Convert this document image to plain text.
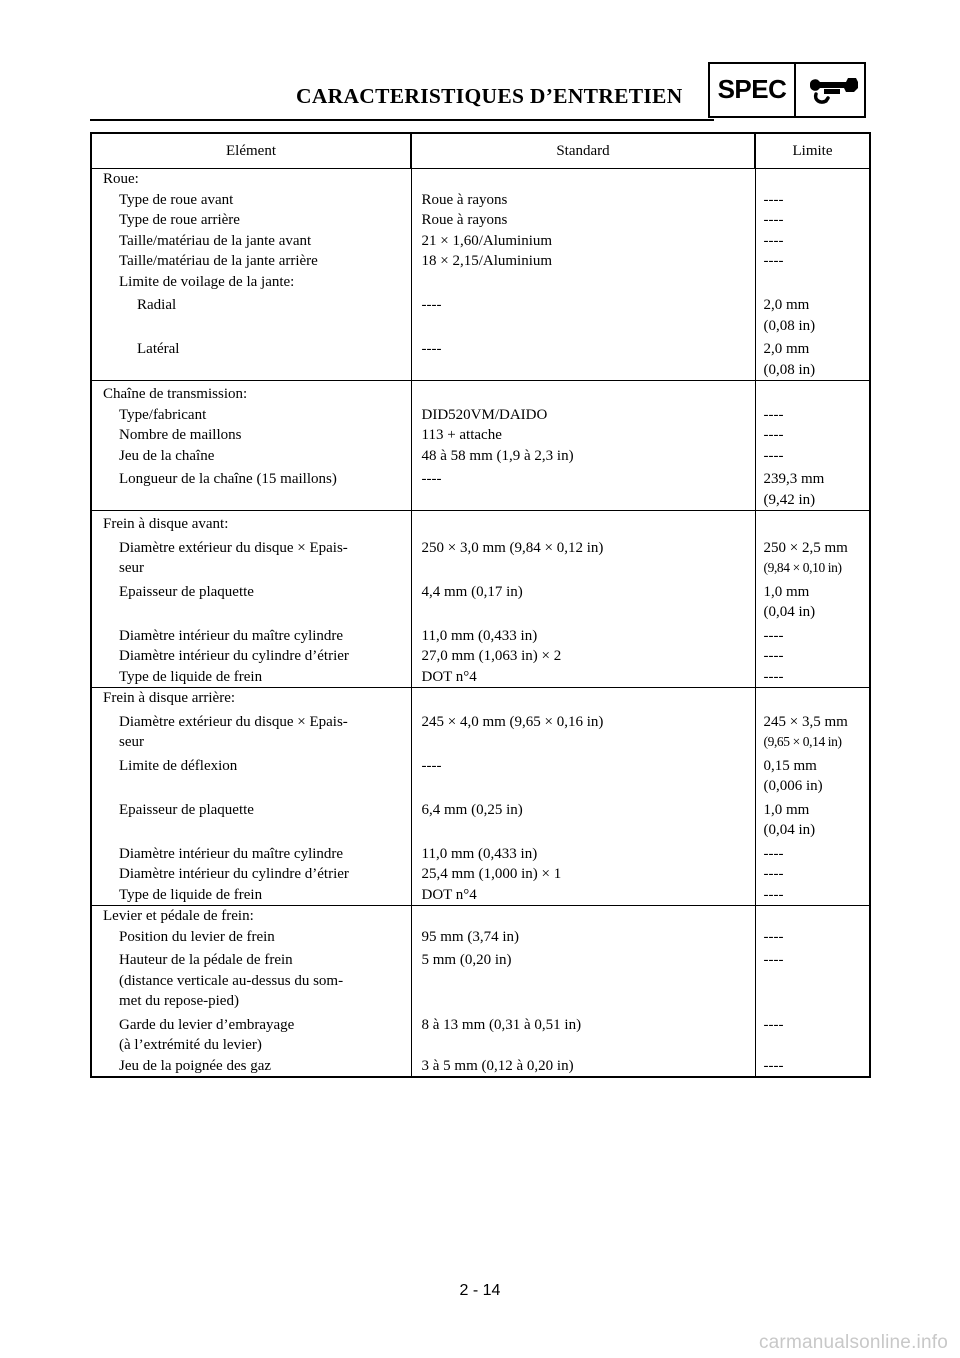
CARACTERISTIQUES D’ENTRETIEN SPEC
Elément	Standard	Limite

Roue:		

Type de roue avant	Roue à rayons	----

Type de roue arrière	Roue à rayons	----

Taille/matériau de la jante avant	21 × 1,60/Aluminium	----

Taille/matériau de la jante arrière	18 × 2,15/Aluminium	----

Limite de voilage de la jante:		

Radial	----	2,0 mm
(0,08 in)

Latéral	----	2,0 mm
(0,08 in)

Chaîne de transmission:		

Type/fabricant	DID520VM/DAIDO	----

Nombre de maillons	113 + attache	----

Jeu de la chaîne	48 à 58 mm (1,9 à 2,3 in)	----

Longueur de la chaîne (15 maillons)	----	239,3 mm
(9,42 in)

Frein à disque avant:		

Diamètre extérieur du disque × Epais-
seur	250 × 3,0 mm (9,84 × 0,12 in)	250 × 2,5 mm
(9,84 × 0,10 in)

Epaisseur de plaquette	4,4 mm (0,17 in)	1,0 mm
(0,04 in)

Diamètre intérieur du maître cylindre	11,0 mm (0,433 in)	----

Diamètre intérieur du cylindre d’étrier	27,0 mm (1,063 in) × 2	----

Type de liquide de frein	DOT n°4	----

Frein à disque arrière:		

Diamètre extérieur du disque × Epais-
seur	245 × 4,0 mm (9,65 × 0,16 in)	245 × 3,5 mm
(9,65 × 0,14 in)

Limite de déflexion	----	0,15 mm
(0,006 in)

Epaisseur de plaquette	6,4 mm (0,25 in)	1,0 mm
(0,04 in)

Diamètre intérieur du maître cylindre	11,0 mm (0,433 in)	----

Diamètre intérieur du cylindre d’étrier	25,4 mm (1,000 in) × 1	----

Type de liquide de frein	DOT n°4	----

Levier et pédale de frein:		

Position du levier de frein	95 mm (3,74 in)	----

Hauteur de la pédale de frein
(distance verticale au-dessus du som-
met du repose-pied)	5 mm (0,20 in)	----

Garde du levier d’embrayage
(à l’extrémité du levier)	8 à 13 mm (0,31 à 0,51 in)	----

Jeu de la poignée des gaz	3 à 5 mm (0,12 à 0,20 in)	----
2 - 14
carmanualsonline.info
